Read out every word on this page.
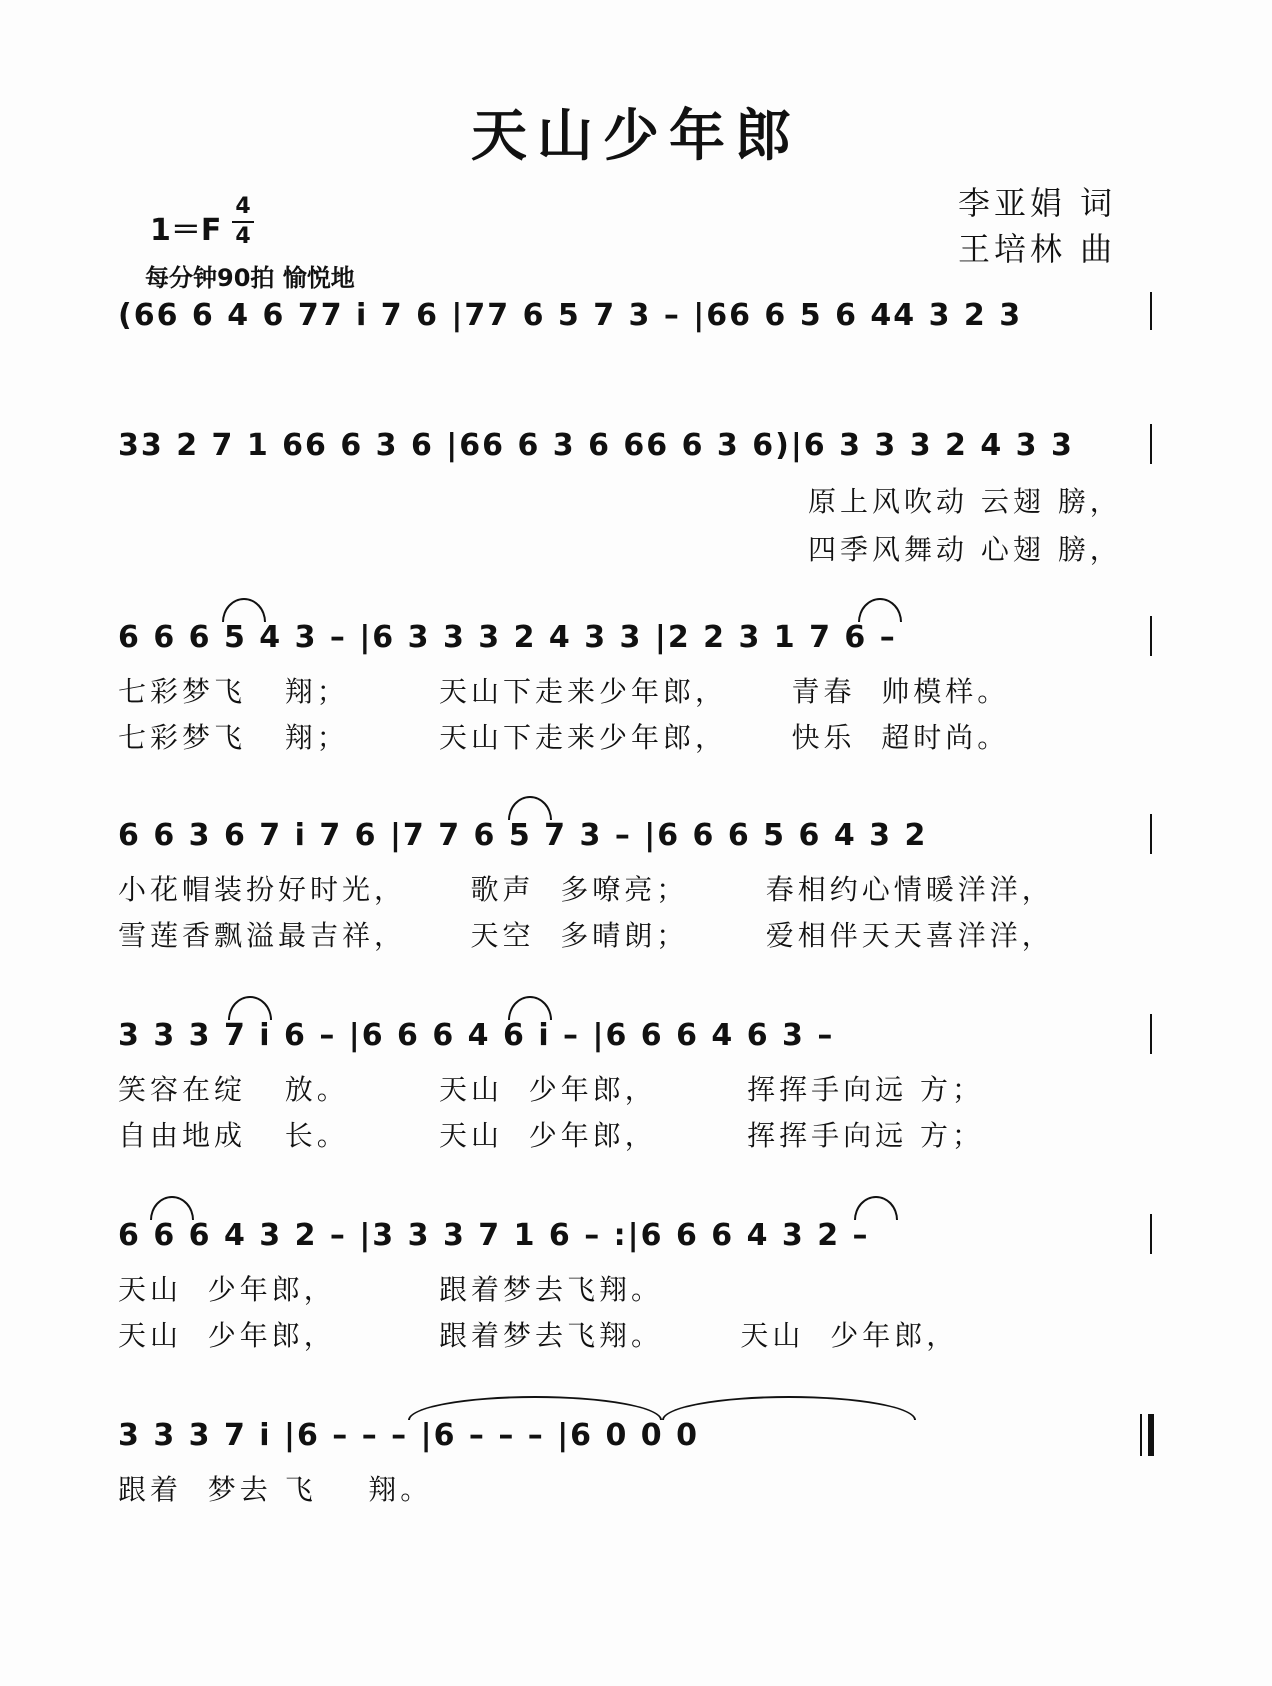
天山少年郎
1＝F
4
4
每分钟90拍 愉悦地
李亚娟 词
王培林 曲
(66 6 4 6 77 i 7 6 |77 6 5 7 3 – |66 6 5 6 44 3 2 3
33 2 7 1 66 6 3 6 |66 6 3 6 66 6 3 6)|6 3 3 3 2 4 3 3
原上风吹动 云翅 膀，
四季风舞动 心翅 膀，
6 6 6 5 4 3 – |6 3 3 3 2 4 3 3 |2 2 3 1 7 6 –
七彩梦飞   翔；       天山下走来少年郎，     青春  帅模样。
七彩梦飞   翔；       天山下走来少年郎，     快乐  超时尚。
6 6 3 6 7 i 7 6 |7 7 6 5 7 3 – |6 6 6 5 6 4 3 2
小花帽装扮好时光，     歌声  多嘹亮；      春相约心情暖洋洋，
雪莲香飘溢最吉祥，     天空  多晴朗；      爱相伴天天喜洋洋，
3 3 3 7 i 6 – |6 6 6 4 6 i – |6 6 6 4 6 3 –
笑容在绽   放。       天山  少年郎，       挥挥手向远 方；
自由地成   长。       天山  少年郎，       挥挥手向远 方；
6 6 6 4 3 2 – |3 3 3 7 1 6 – :|6 6 6 4 3 2 –
天山  少年郎，        跟着梦去飞翔。
天山  少年郎，        跟着梦去飞翔。      天山  少年郎，
3 3 3 7 i |6 – – – |6 – – – |6 0 0 0
跟着  梦去 飞    翔。
